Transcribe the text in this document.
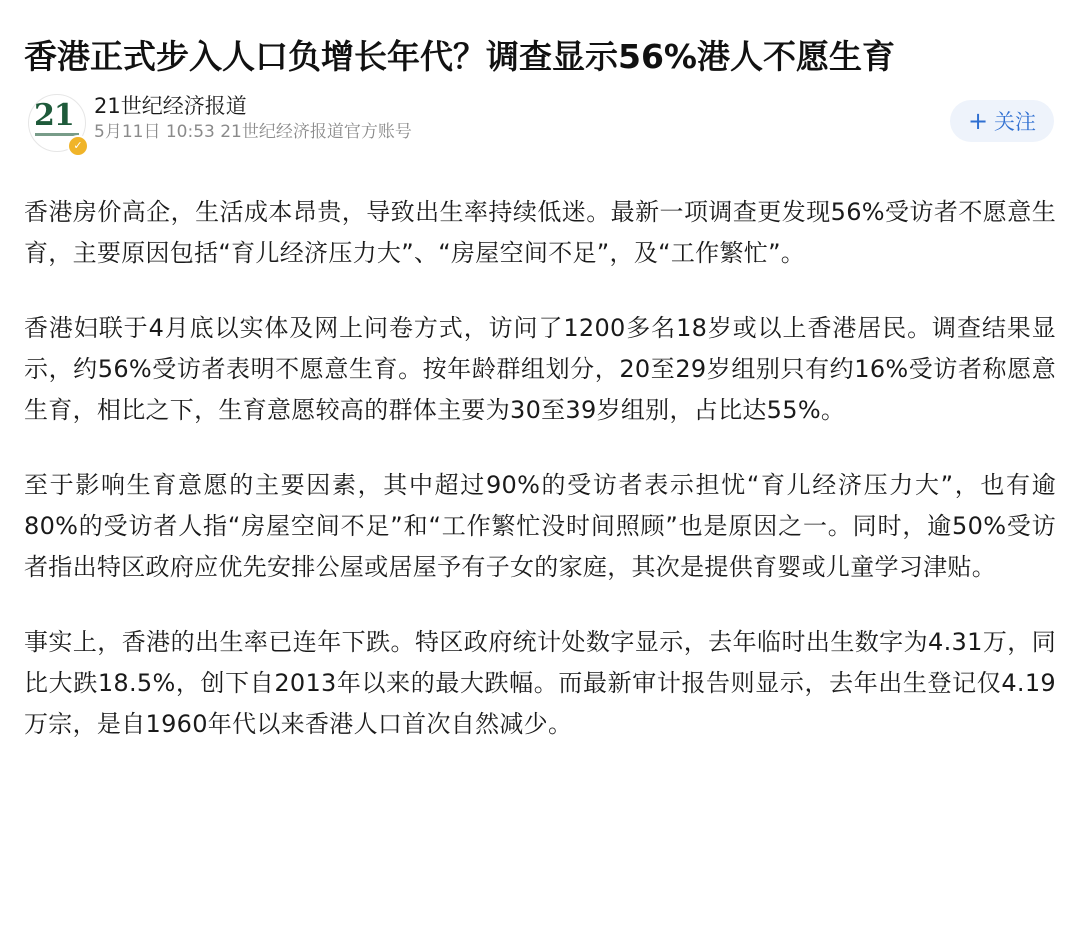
香港正式步入人口负增长年代？调查显示56%港人不愿生育
21
✓
21世纪经济报道
5月11日 10:53 21世纪经济报道官方账号	+ 关注

香港房价高企，生活成本昂贵，导致出生率持续低迷。最新一项调查更发现56%受访者不愿意生育，主要原因包括“育儿经济压力大”、“房屋空间不足”，及“工作繁忙”。

香港妇联于4月底以实体及网上问卷方式，访问了1200多名18岁或以上香港居民。调查结果显示，约56%受访者表明不愿意生育。按年龄群组划分，20至29岁组别只有约16%受访者称愿意生育，相比之下，生育意愿较高的群体主要为30至39岁组别，占比达55%。

至于影响生育意愿的主要因素，其中超过90%的受访者表示担忧“育儿经济压力大”，也有逾80%的受访者人指“房屋空间不足”和“工作繁忙没时间照顾”也是原因之一。同时，逾50%受访者指出特区政府应优先安排公屋或居屋予有子女的家庭，其次是提供育婴或儿童学习津贴。

事实上，香港的出生率已连年下跌。特区政府统计处数字显示，去年临时出生数字为4.31万，同比大跌18.5%，创下自2013年以来的最大跌幅。而最新审计报告则显示，去年出生登记仅4.19万宗，是自1960年代以来香港人口首次自然减少。
